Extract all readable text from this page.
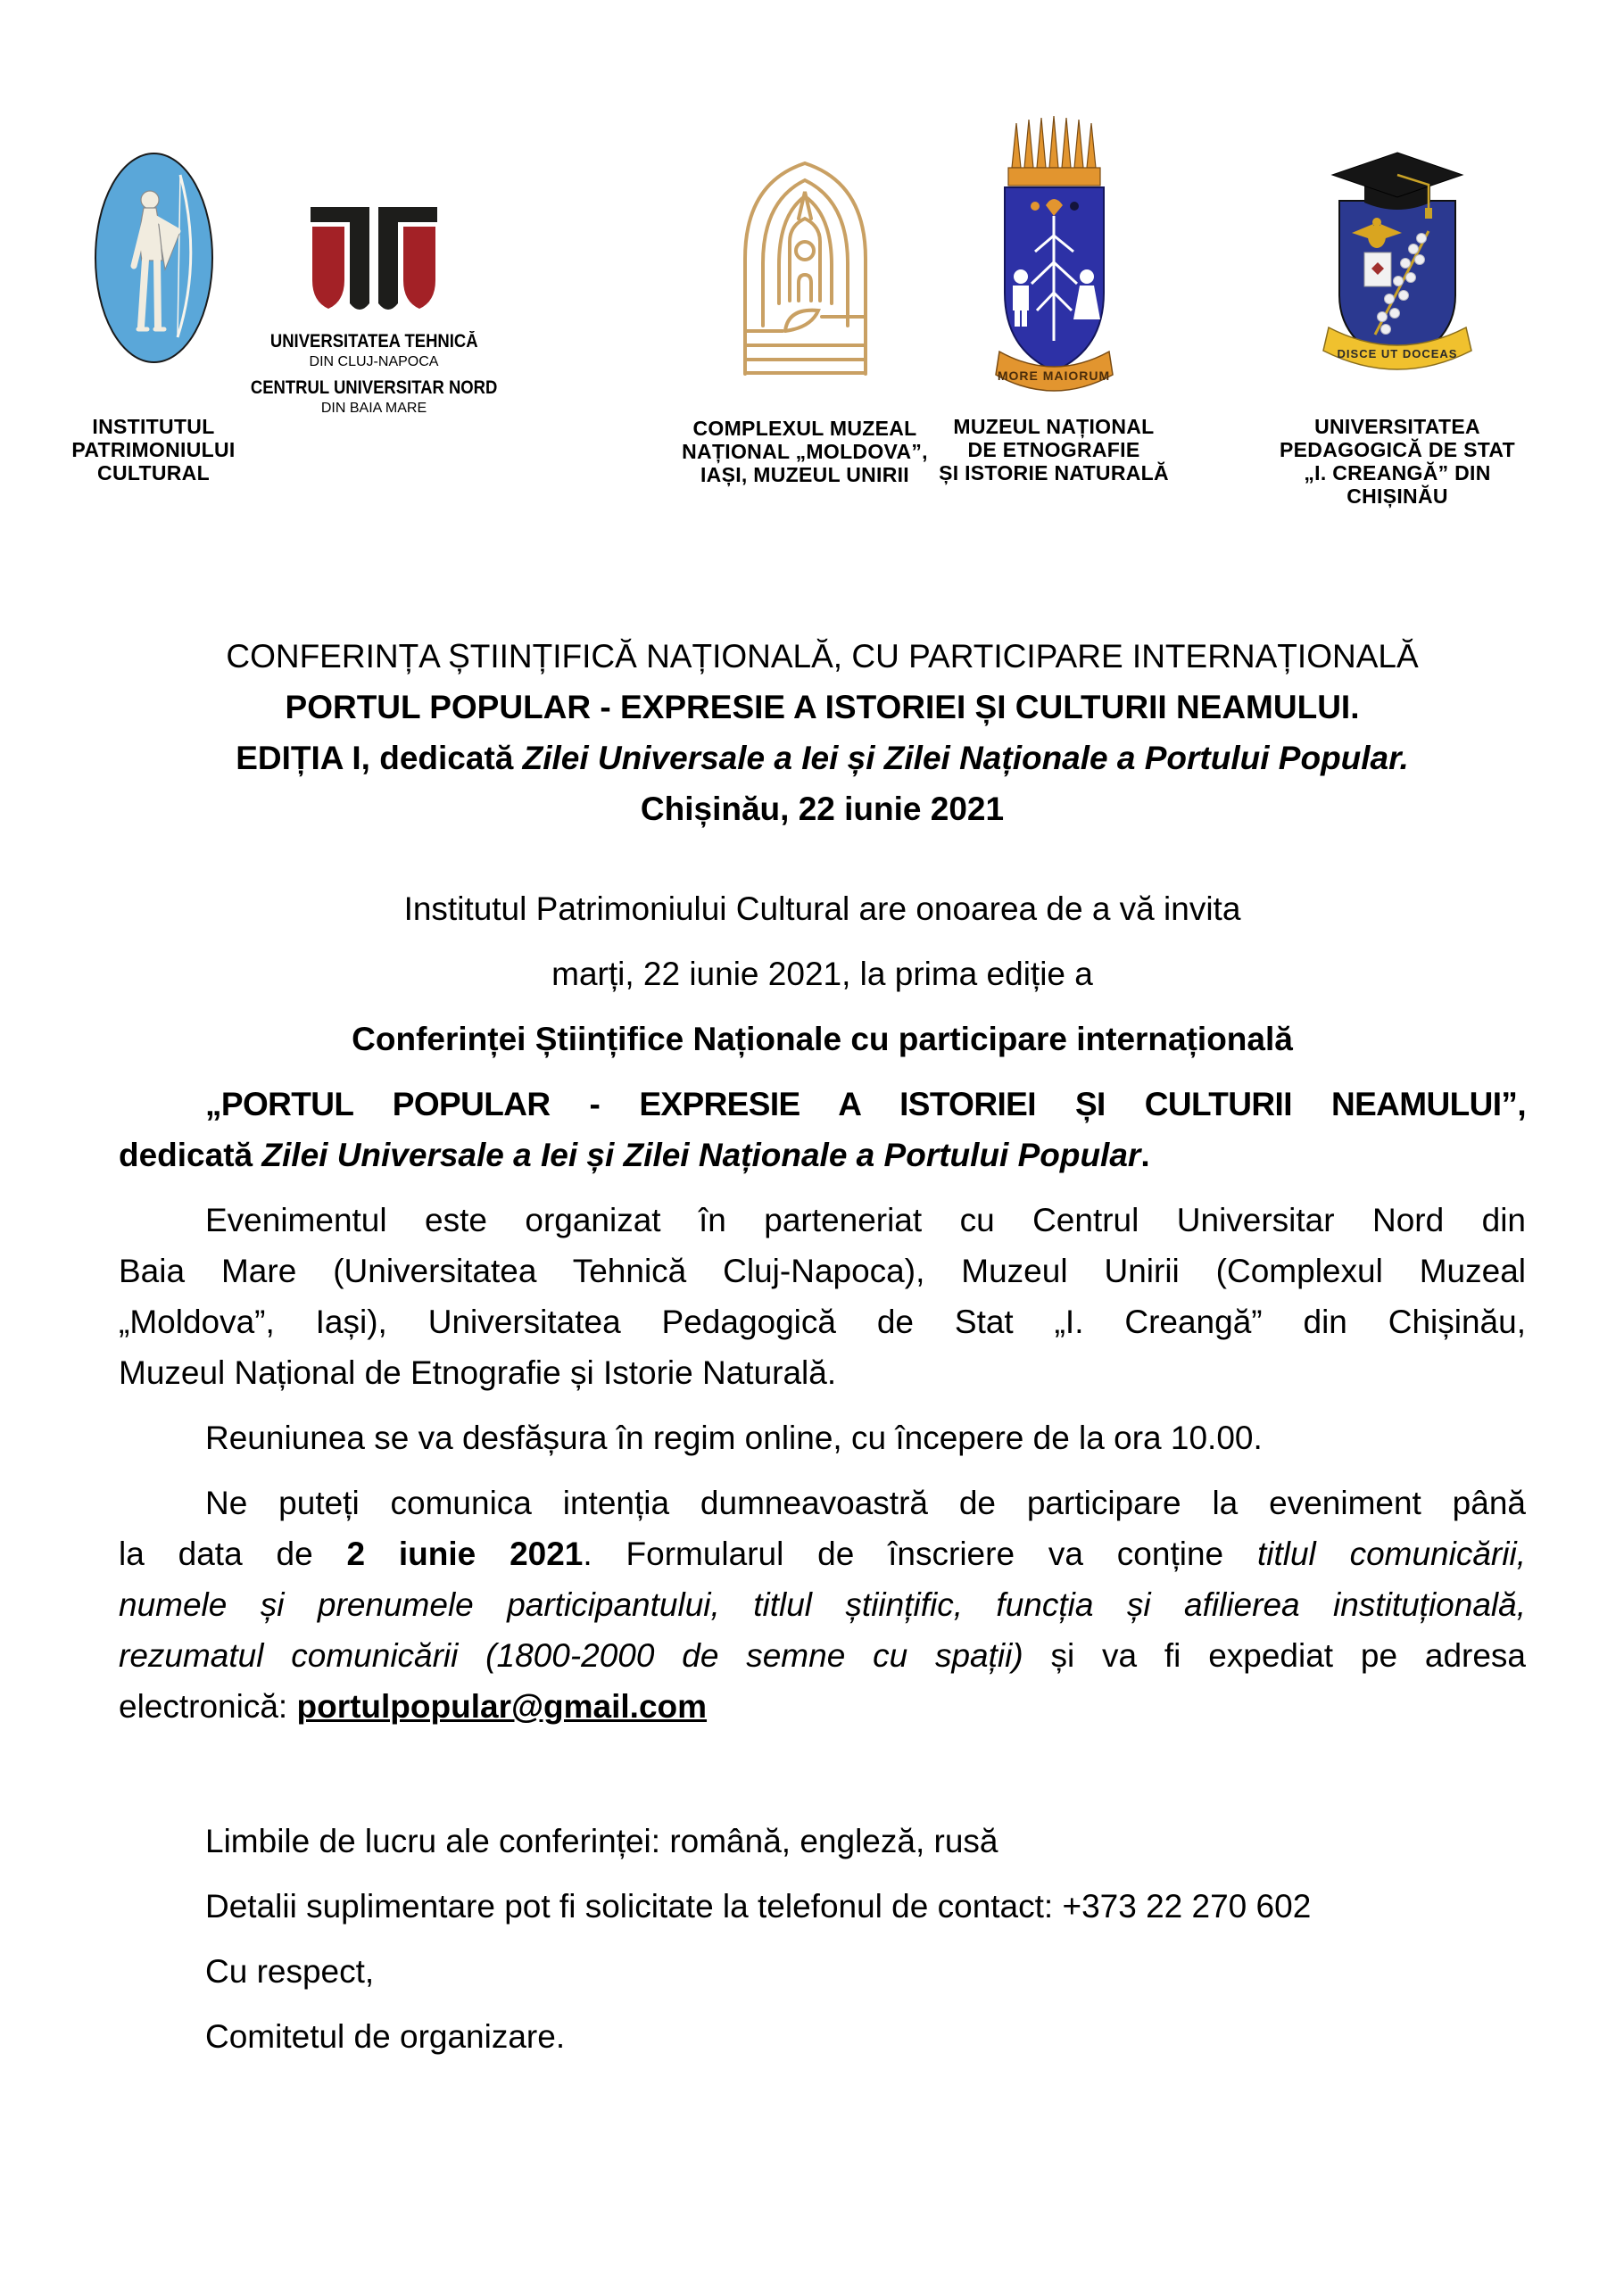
INSTITUTUL
PATRIMONIULUI
CULTURAL
UNIVERSITATEA TEHNICĂ
DIN CLUJ-NAPOCA
CENTRUL UNIVERSITAR NORD
DIN BAIA MARE
COMPLEXUL MUZEAL
NAȚIONAL „MOLDOVA”,
IAȘI, MUZEUL UNIRII
MORE MAIORUM
MUZEUL NAȚIONAL
DE ETNOGRAFIE
ȘI ISTORIE NATURALĂ
DISCE UT DOCEAS
UNIVERSITATEA
PEDAGOGICĂ DE STAT
„I. CREANGĂ” DIN
CHIȘINĂU
CONFERINȚA ȘTIINȚIFICĂ NAȚIONALĂ, CU PARTICIPARE INTERNAȚIONALĂ
PORTUL POPULAR - EXPRESIE A ISTORIEI ȘI CULTURII NEAMULUI.
EDIȚIA I, dedicată Zilei Universale a Iei și Zilei Naționale a Portului Popular.
Chișinău, 22 iunie 2021
Institutul Patrimoniului Cultural are onoarea de a vă invita
marți, 22 iunie 2021, la prima ediție a
Conferinței Științifice Naționale cu participare internațională
„PORTUL POPULAR - EXPRESIE A ISTORIEI ȘI CULTURII NEAMULUI”,
dedicată Zilei Universale a Iei și Zilei Naționale a Portului Popular.
Evenimentul este organizat în parteneriat cu Centrul Universitar Nord din
Baia Mare (Universitatea Tehnică Cluj-Napoca), Muzeul Unirii (Complexul Muzeal
„Moldova”, Iași), Universitatea Pedagogică de Stat „I. Creangă” din Chișinău,
Muzeul Național de Etnografie și Istorie Naturală.
Reuniunea se va desfășura în regim online, cu începere de la ora 10.00.
Ne puteți comunica intenția dumneavoastră de participare la eveniment până
la data de 2 iunie 2021. Formularul de înscriere va conține titlul comunicării,
numele și prenumele participantului, titlul științific, funcția și afilierea instituțională,
rezumatul comunicării (1800-2000 de semne cu spații) și va fi expediat pe adresa
electronică: portulpopular@gmail.com
Limbile de lucru ale conferinței: română, engleză, rusă
Detalii suplimentare pot fi solicitate la telefonul de contact: +373 22 270 602
Cu respect,
Comitetul de organizare.
